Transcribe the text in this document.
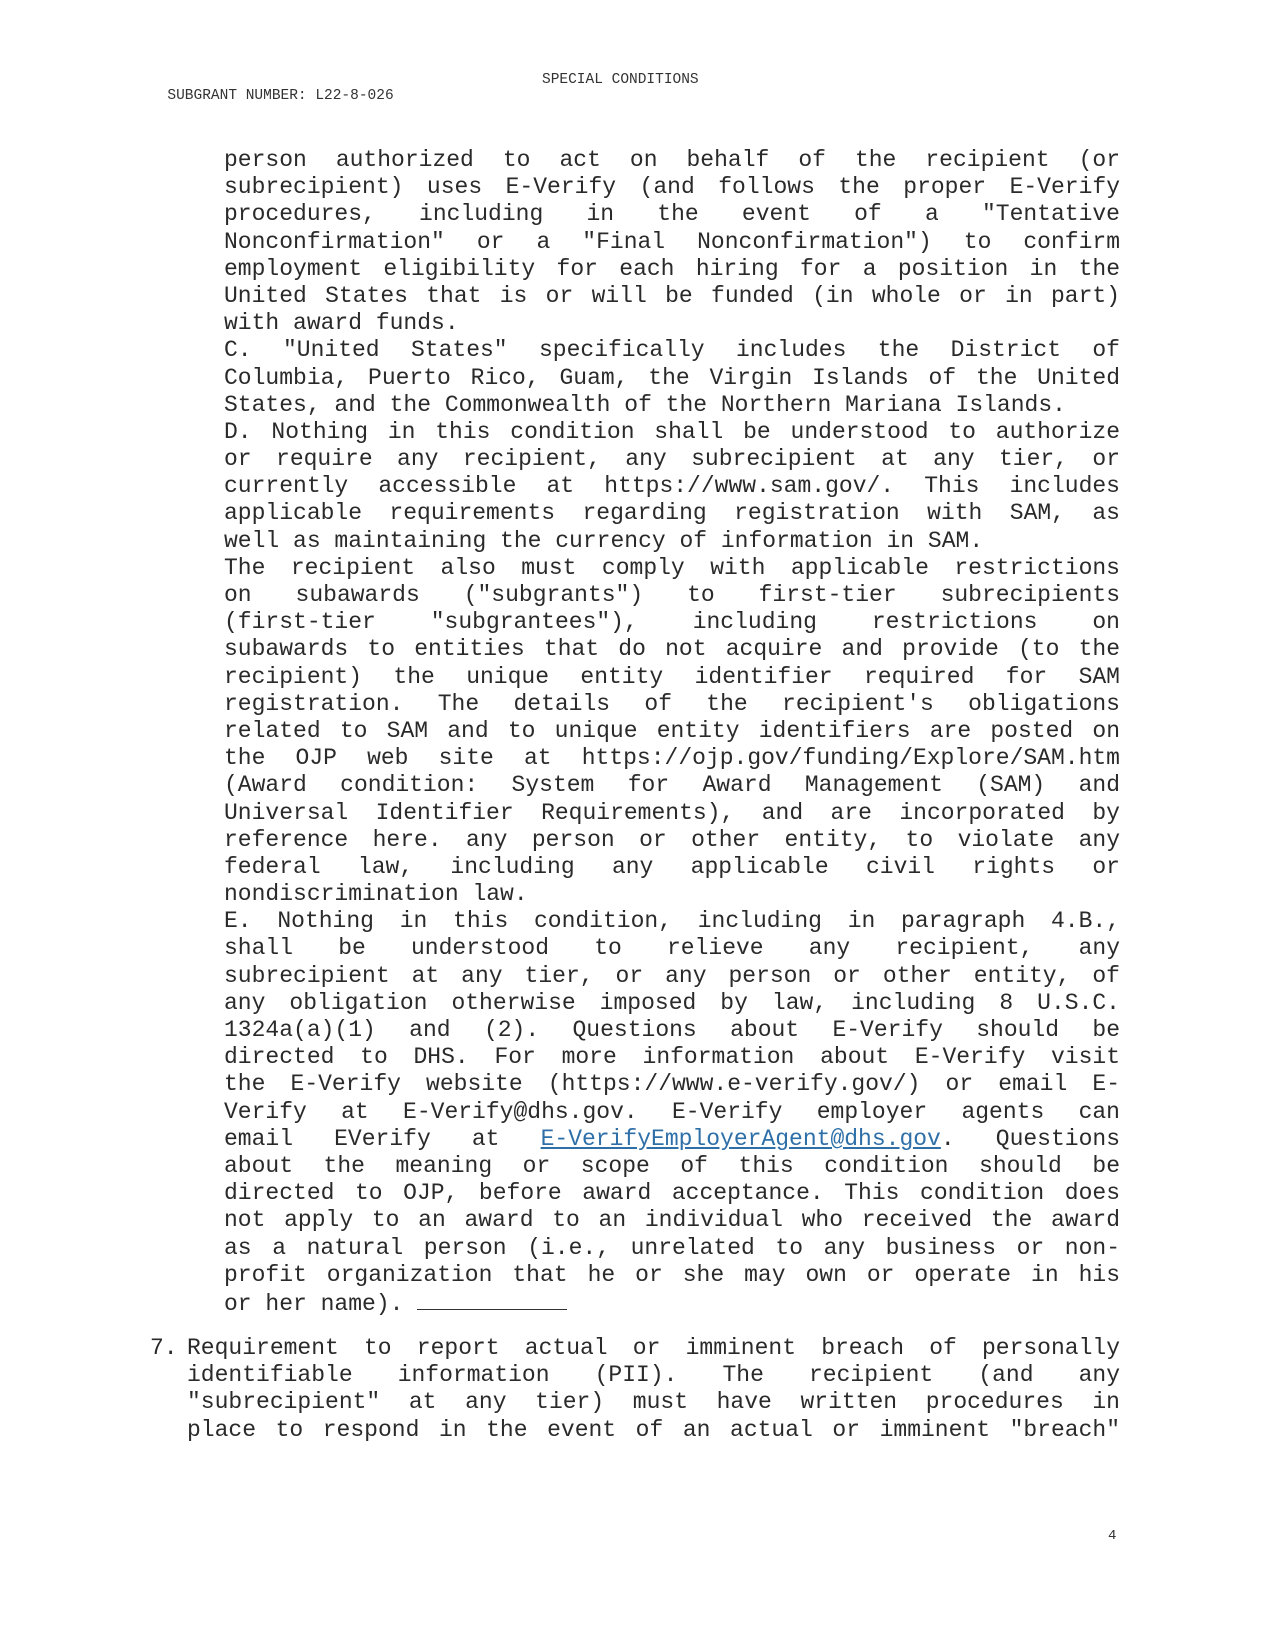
SUBGRANT NUMBER: L22-8-026

SPECIAL CONDITIONS

person authorized to act on behalf of the recipient (or
subrecipient) uses E-Verify (and follows the proper E-Verify
procedures, including in the event of a "Tentative
Nonconfirmation" or a "Final Nonconfirmation") to confirm
employment eligibility for each hiring for a position in the
United States that is or will be funded (in whole or in part)
with award funds.
C. "United States" specifically includes the District of
Columbia, Puerto Rico, Guam, the Virgin Islands of the United
States, and the Commonwealth of the Northern Mariana Islands.
D. Nothing in this condition shall be understood to authorize
or require any recipient, any subrecipient at any tier, or
currently accessible at https://www.sam.gov/. This includes
applicable requirements regarding registration with SAM, as
well as maintaining the currency of information in SAM.
The recipient also must comply with applicable restrictions
on subawards ("subgrants") to first-tier subrecipients
(first-tier "subgrantees"), including restrictions on
subawards to entities that do not acquire and provide (to the
recipient) the unique entity identifier required for SAM
registration. The details of the recipient's obligations
related to SAM and to unique entity identifiers are posted on
the OJP web site at https://ojp.gov/funding/Explore/SAM.htm
(Award condition: System for Award Management (SAM) and
Universal Identifier Requirements), and are incorporated by
reference here. any person or other entity, to violate any
federal law, including any applicable civil rights or
nondiscrimination law.
E. Nothing in this condition, including in paragraph 4.B.,
shall be understood to relieve any recipient, any
subrecipient at any tier, or any person or other entity, of
any obligation otherwise imposed by law, including 8 U.S.C.
1324a(a)(1) and (2). Questions about E-Verify should be
directed to DHS. For more information about E-Verify visit
the E-Verify website (https://www.e-verify.gov/) or email E-
Verify at E-Verify@dhs.gov. E-Verify employer agents can
email EVerify at E-VerifyEmployerAgent@dhs.gov. Questions
about the meaning or scope of this condition should be
directed to OJP, before award acceptance. This condition does
not apply to an award to an individual who received the award
as a natural person (i.e., unrelated to any business or non-
profit organization that he or she may own or operate in his
or her name).
7. Requirement to report actual or imminent breach of personally
identifiable information (PII). The recipient (and any
"subrecipient" at any tier) must have written procedures in
place to respond in the event of an actual or imminent "breach"
4
